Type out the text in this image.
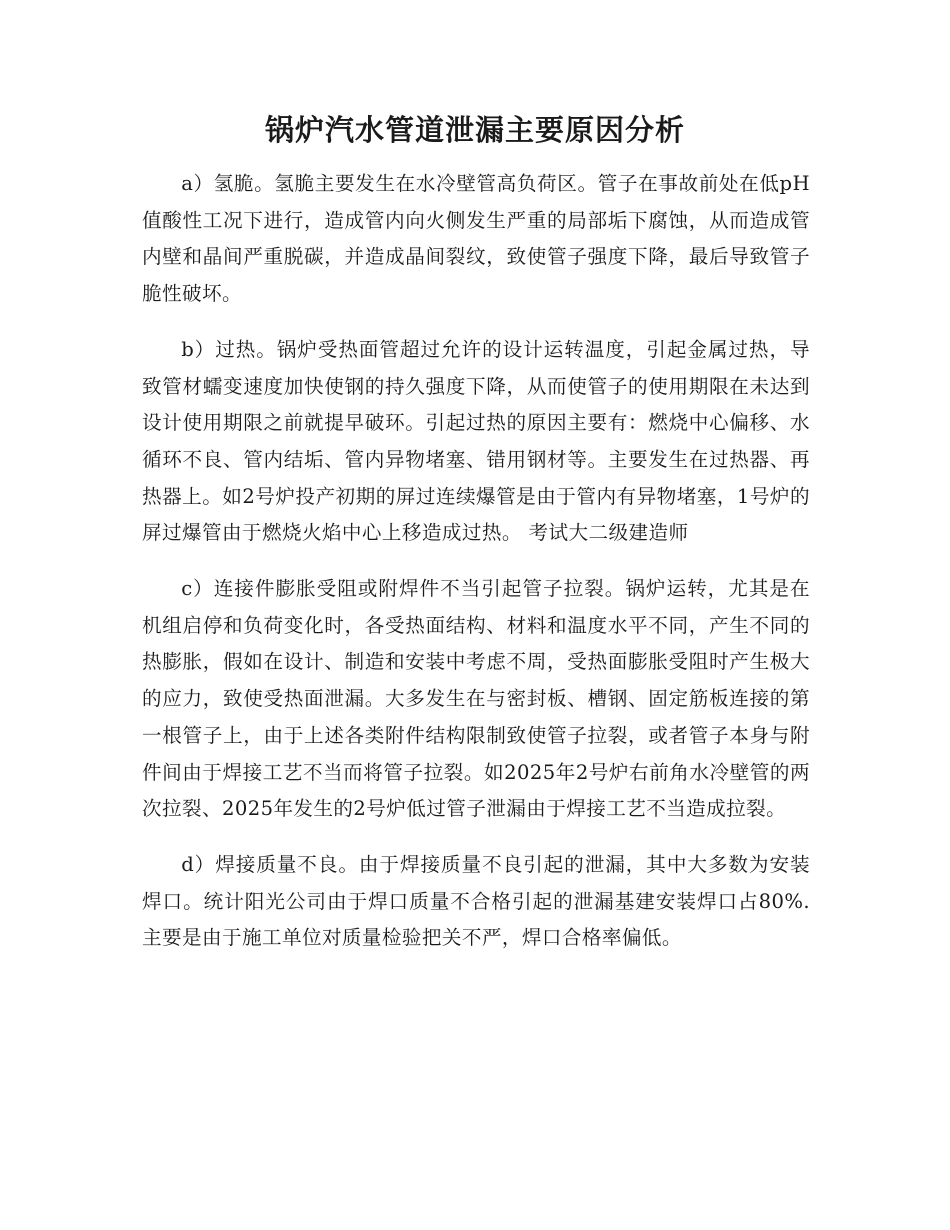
锅炉汽水管道泄漏主要原因分析

a）氢脆。氢脆主要发生在水冷壁管高负荷区。管子在事故前处在低pH值酸性工况下进行，造成管内向火侧发生严重的局部垢下腐蚀，从而造成管内壁和晶间严重脱碳，并造成晶间裂纹，致使管子强度下降，最后导致管子脆性破坏。

b）过热。锅炉受热面管超过允许的设计运转温度，引起金属过热，导致管材蠕变速度加快使钢的持久强度下降，从而使管子的使用期限在未达到设计使用期限之前就提早破环。引起过热的原因主要有：燃烧中心偏移、水循环不良、管内结垢、管内异物堵塞、错用钢材等。主要发生在过热器、再热器上。如2号炉投产初期的屏过连续爆管是由于管内有异物堵塞，1号炉的屏过爆管由于燃烧火焰中心上移造成过热。 考试大二级建造师

c）连接件膨胀受阻或附焊件不当引起管子拉裂。锅炉运转，尤其是在机组启停和负荷变化时，各受热面结构、材料和温度水平不同，产生不同的热膨胀，假如在设计、制造和安装中考虑不周，受热面膨胀受阻时产生极大的应力，致使受热面泄漏。大多发生在与密封板、槽钢、固定筋板连接的第一根管子上，由于上述各类附件结构限制致使管子拉裂，或者管子本身与附件间由于焊接工艺不当而将管子拉裂。如2025年2号炉右前角水冷壁管的两次拉裂、2025年发生的2号炉低过管子泄漏由于焊接工艺不当造成拉裂。

d）焊接质量不良。由于焊接质量不良引起的泄漏，其中大多数为安装焊口。统计阳光公司由于焊口质量不合格引起的泄漏基建安装焊口占80%.主要是由于施工单位对质量检验把关不严，焊口合格率偏低。
